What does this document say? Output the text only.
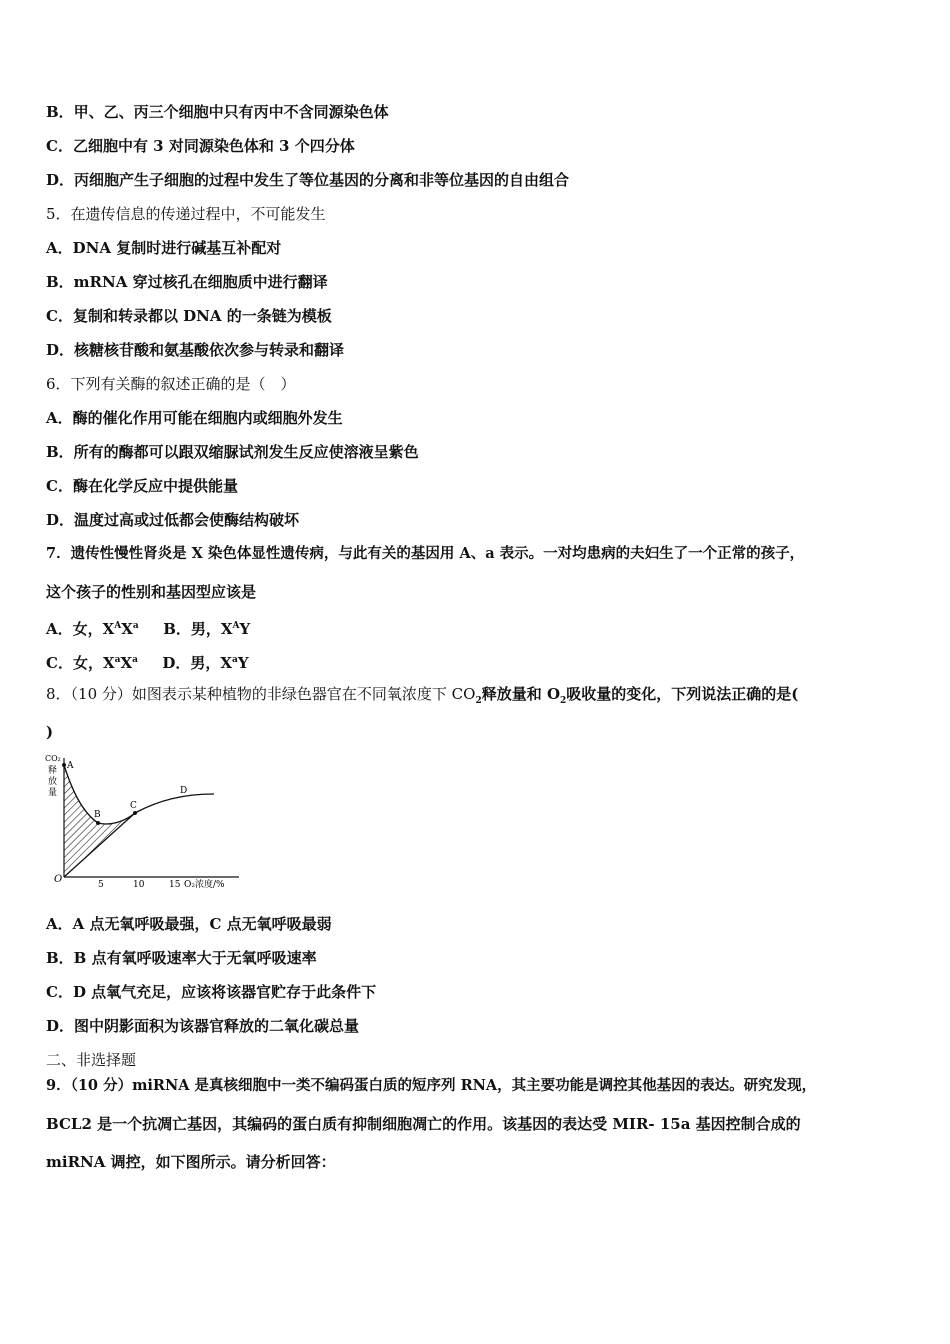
B．甲、乙、丙三个细胞中只有丙中不含同源染色体
C．乙细胞中有 3 对同源染色体和 3 个四分体
D．丙细胞产生子细胞的过程中发生了等位基因的分离和非等位基因的自由组合
5．在遗传信息的传递过程中，不可能发生
A．DNA 复制时进行碱基互补配对
B．mRNA 穿过核孔在细胞质中进行翻译
C．复制和转录都以 DNA 的一条链为模板
D．核糖核苷酸和氨基酸依次参与转录和翻译
6．下列有关酶的叙述正确的是（　）
A．酶的催化作用可能在细胞内或细胞外发生
B．所有的酶都可以跟双缩脲试剂发生反应使溶液呈紫色
C．酶在化学反应中提供能量
D．温度过高或过低都会使酶结构破坏
7．遗传性慢性肾炎是 X 染色体显性遗传病，与此有关的基因用 A、a 表示。一对均患病的夫妇生了一个正常的孩子，
这个孩子的性别和基因型应该是
A．女，$X^AX^a$ B．男，$X^AY$
C．女，$X^aX^a$ D．男，$X^aY$
8．（10 分）如图表示某种植物的非绿色器官在不同氧浓度下 $CO_2$释放量和 $O_2$吸收量的变化，下列说法正确的是(
)
A
B
C
D
CO₂
释
放
量
O	5	10	15 O₂浓度/%
A．A 点无氧呼吸最强，C 点无氧呼吸最弱
B．B 点有氧呼吸速率大于无氧呼吸速率
C．D 点氧气充足，应该将该器官贮存于此条件下
D．图中阴影面积为该器官释放的二氧化碳总量
二、非选择题
9．（10 分）miRNA 是真核细胞中一类不编码蛋白质的短序列 RNA，其主要功能是调控其他基因的表达。研究发现，
BCL2 是一个抗凋亡基因，其编码的蛋白质有抑制细胞凋亡的作用。该基因的表达受 MIR- 15a 基因控制合成的
miRNA 调控，如下图所示。请分析回答：
